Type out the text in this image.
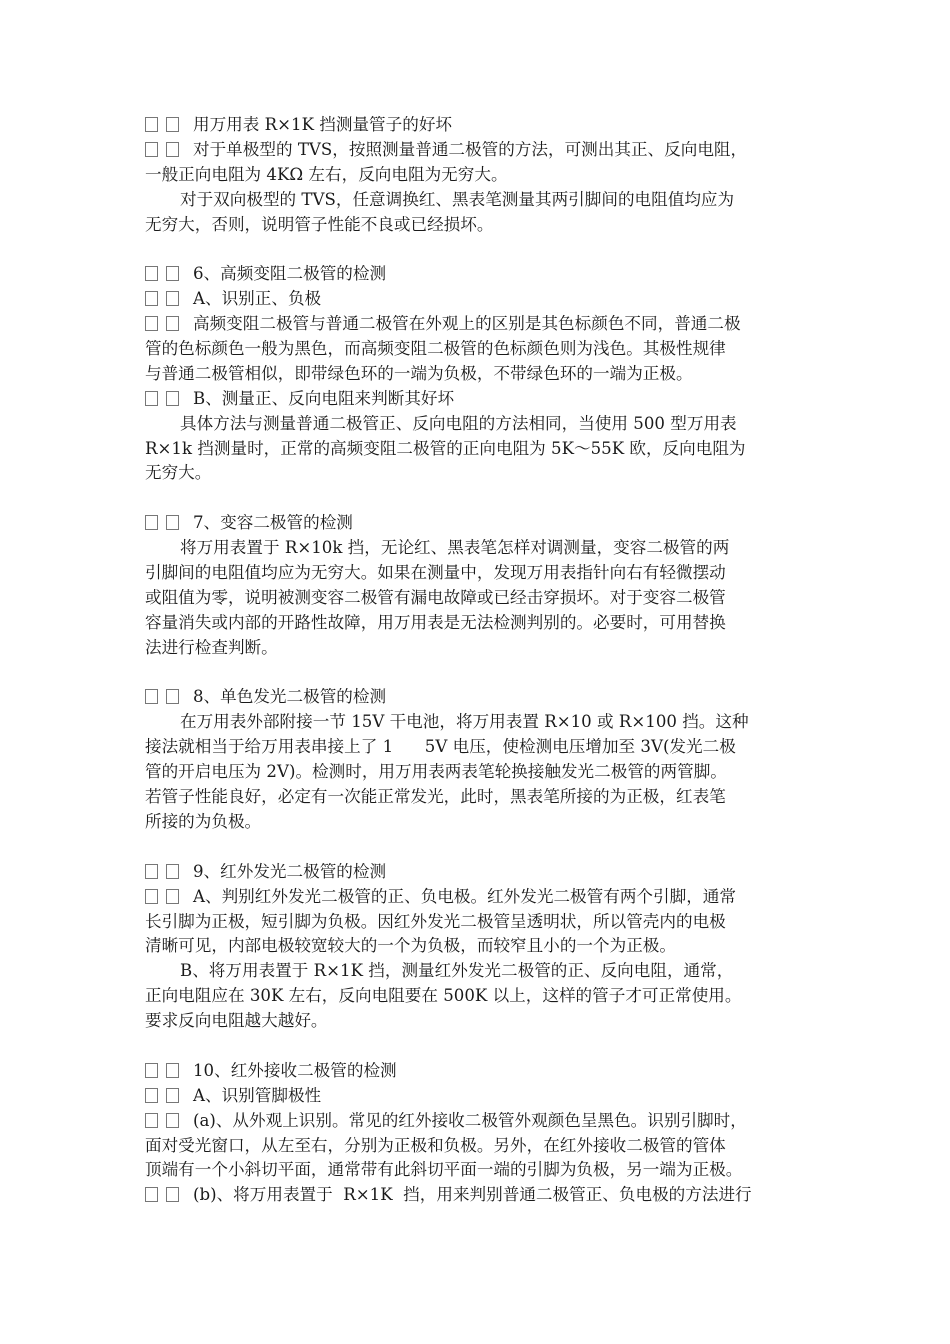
用万用表 R×1K 挡测量管子的好坏
对于单极型的 TVS，按照测量普通二极管的方法，可测出其正、反向电阻，
一般正向电阻为 4KΩ 左右，反向电阻为无穷大。
对于双向极型的 TVS，任意调换红、黑表笔测量其两引脚间的电阻值均应为
无穷大，否则，说明管子性能不良或已经损坏。
6、高频变阻二极管的检测
A、识别正、负极
高频变阻二极管与普通二极管在外观上的区别是其色标颜色不同，普通二极
管的色标颜色一般为黑色，而高频变阻二极管的色标颜色则为浅色。其极性规律
与普通二极管相似，即带绿色环的一端为负极，不带绿色环的一端为正极。
B、测量正、反向电阻来判断其好坏
具体方法与测量普通二极管正、反向电阻的方法相同，当使用 500 型万用表
R×1k 挡测量时，正常的高频变阻二极管的正向电阻为 5K～55K 欧，反向电阻为
无穷大。
7、变容二极管的检测
将万用表置于 R×10k 挡，无论红、黑表笔怎样对调测量，变容二极管的两
引脚间的电阻值均应为无穷大。如果在测量中，发现万用表指针向右有轻微摆动
或阻值为零，说明被测变容二极管有漏电故障或已经击穿损坏。对于变容二极管
容量消失或内部的开路性故障，用万用表是无法检测判别的。必要时，可用替换
法进行检查判断。
8、单色发光二极管的检测
在万用表外部附接一节 15V 干电池，将万用表置 R×10 或 R×100 挡。这种
接法就相当于给万用表串接上了 1      5V 电压，使检测电压增加至 3V(发光二极
管的开启电压为 2V)。检测时，用万用表两表笔轮换接触发光二极管的两管脚。
若管子性能良好，必定有一次能正常发光，此时，黑表笔所接的为正极，红表笔
所接的为负极。
9、红外发光二极管的检测
A、判别红外发光二极管的正、负电极。红外发光二极管有两个引脚，通常
长引脚为正极，短引脚为负极。因红外发光二极管呈透明状，所以管壳内的电极
清晰可见，内部电极较宽较大的一个为负极，而较窄且小的一个为正极。
B、将万用表置于 R×1K 挡，测量红外发光二极管的正、反向电阻，通常，
正向电阻应在 30K 左右，反向电阻要在 500K 以上，这样的管子才可正常使用。
要求反向电阻越大越好。
10、红外接收二极管的检测
A、识别管脚极性
(a)、从外观上识别。常见的红外接收二极管外观颜色呈黑色。识别引脚时，
面对受光窗口，从左至右，分别为正极和负极。另外，在红外接收二极管的管体
顶端有一个小斜切平面，通常带有此斜切平面一端的引脚为负极，另一端为正极。
(b)、将万用表置于  R×1K  挡，用来判别普通二极管正、负电极的方法进行
